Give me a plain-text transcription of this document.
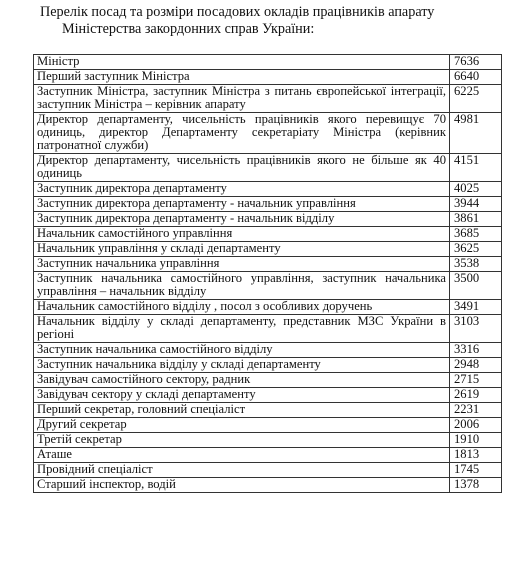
Перелік посад та розміри посадових окладів працівників апарату
Міністерства закордонних справ України:
Міністр	7636
Перший заступник Міністра	6640
Заступник Міністра, заступник Міністра з питань європейської інтеграції, заступник Міністра – керівник апарату	6225
Директор департаменту, чисельність працівників якого перевищує 70 одиниць, директор Департаменту секретаріату Міністра (керівник патронатної служби)	4981
Директор департаменту, чисельність працівників якого не більше як 40 одиниць	4151
Заступник директора департаменту	4025
Заступник директора департаменту - начальник управління	3944
Заступник директора департаменту - начальник відділу	3861
Начальник самостійного управління	3685
Начальник управління у складі департаменту	3625
Заступник начальника управління	3538
Заступник начальника самостійного управління, заступник начальника управління – начальник відділу	3500
Начальник самостійного відділу , посол з особливих доручень	3491
Начальник відділу у складі департаменту, представник МЗС України в регіоні	3103
Заступник начальника самостійного відділу	3316
Заступник начальника відділу у складі департаменту	2948
Завідувач самостійного сектору, радник	2715
Завідувач сектору у складі департаменту	2619
Перший секретар, головний спеціаліст	2231
Другий секретар	2006
Третій секретар	1910
Аташе	1813
Провідний спеціаліст	1745
Старший інспектор, водій	1378
